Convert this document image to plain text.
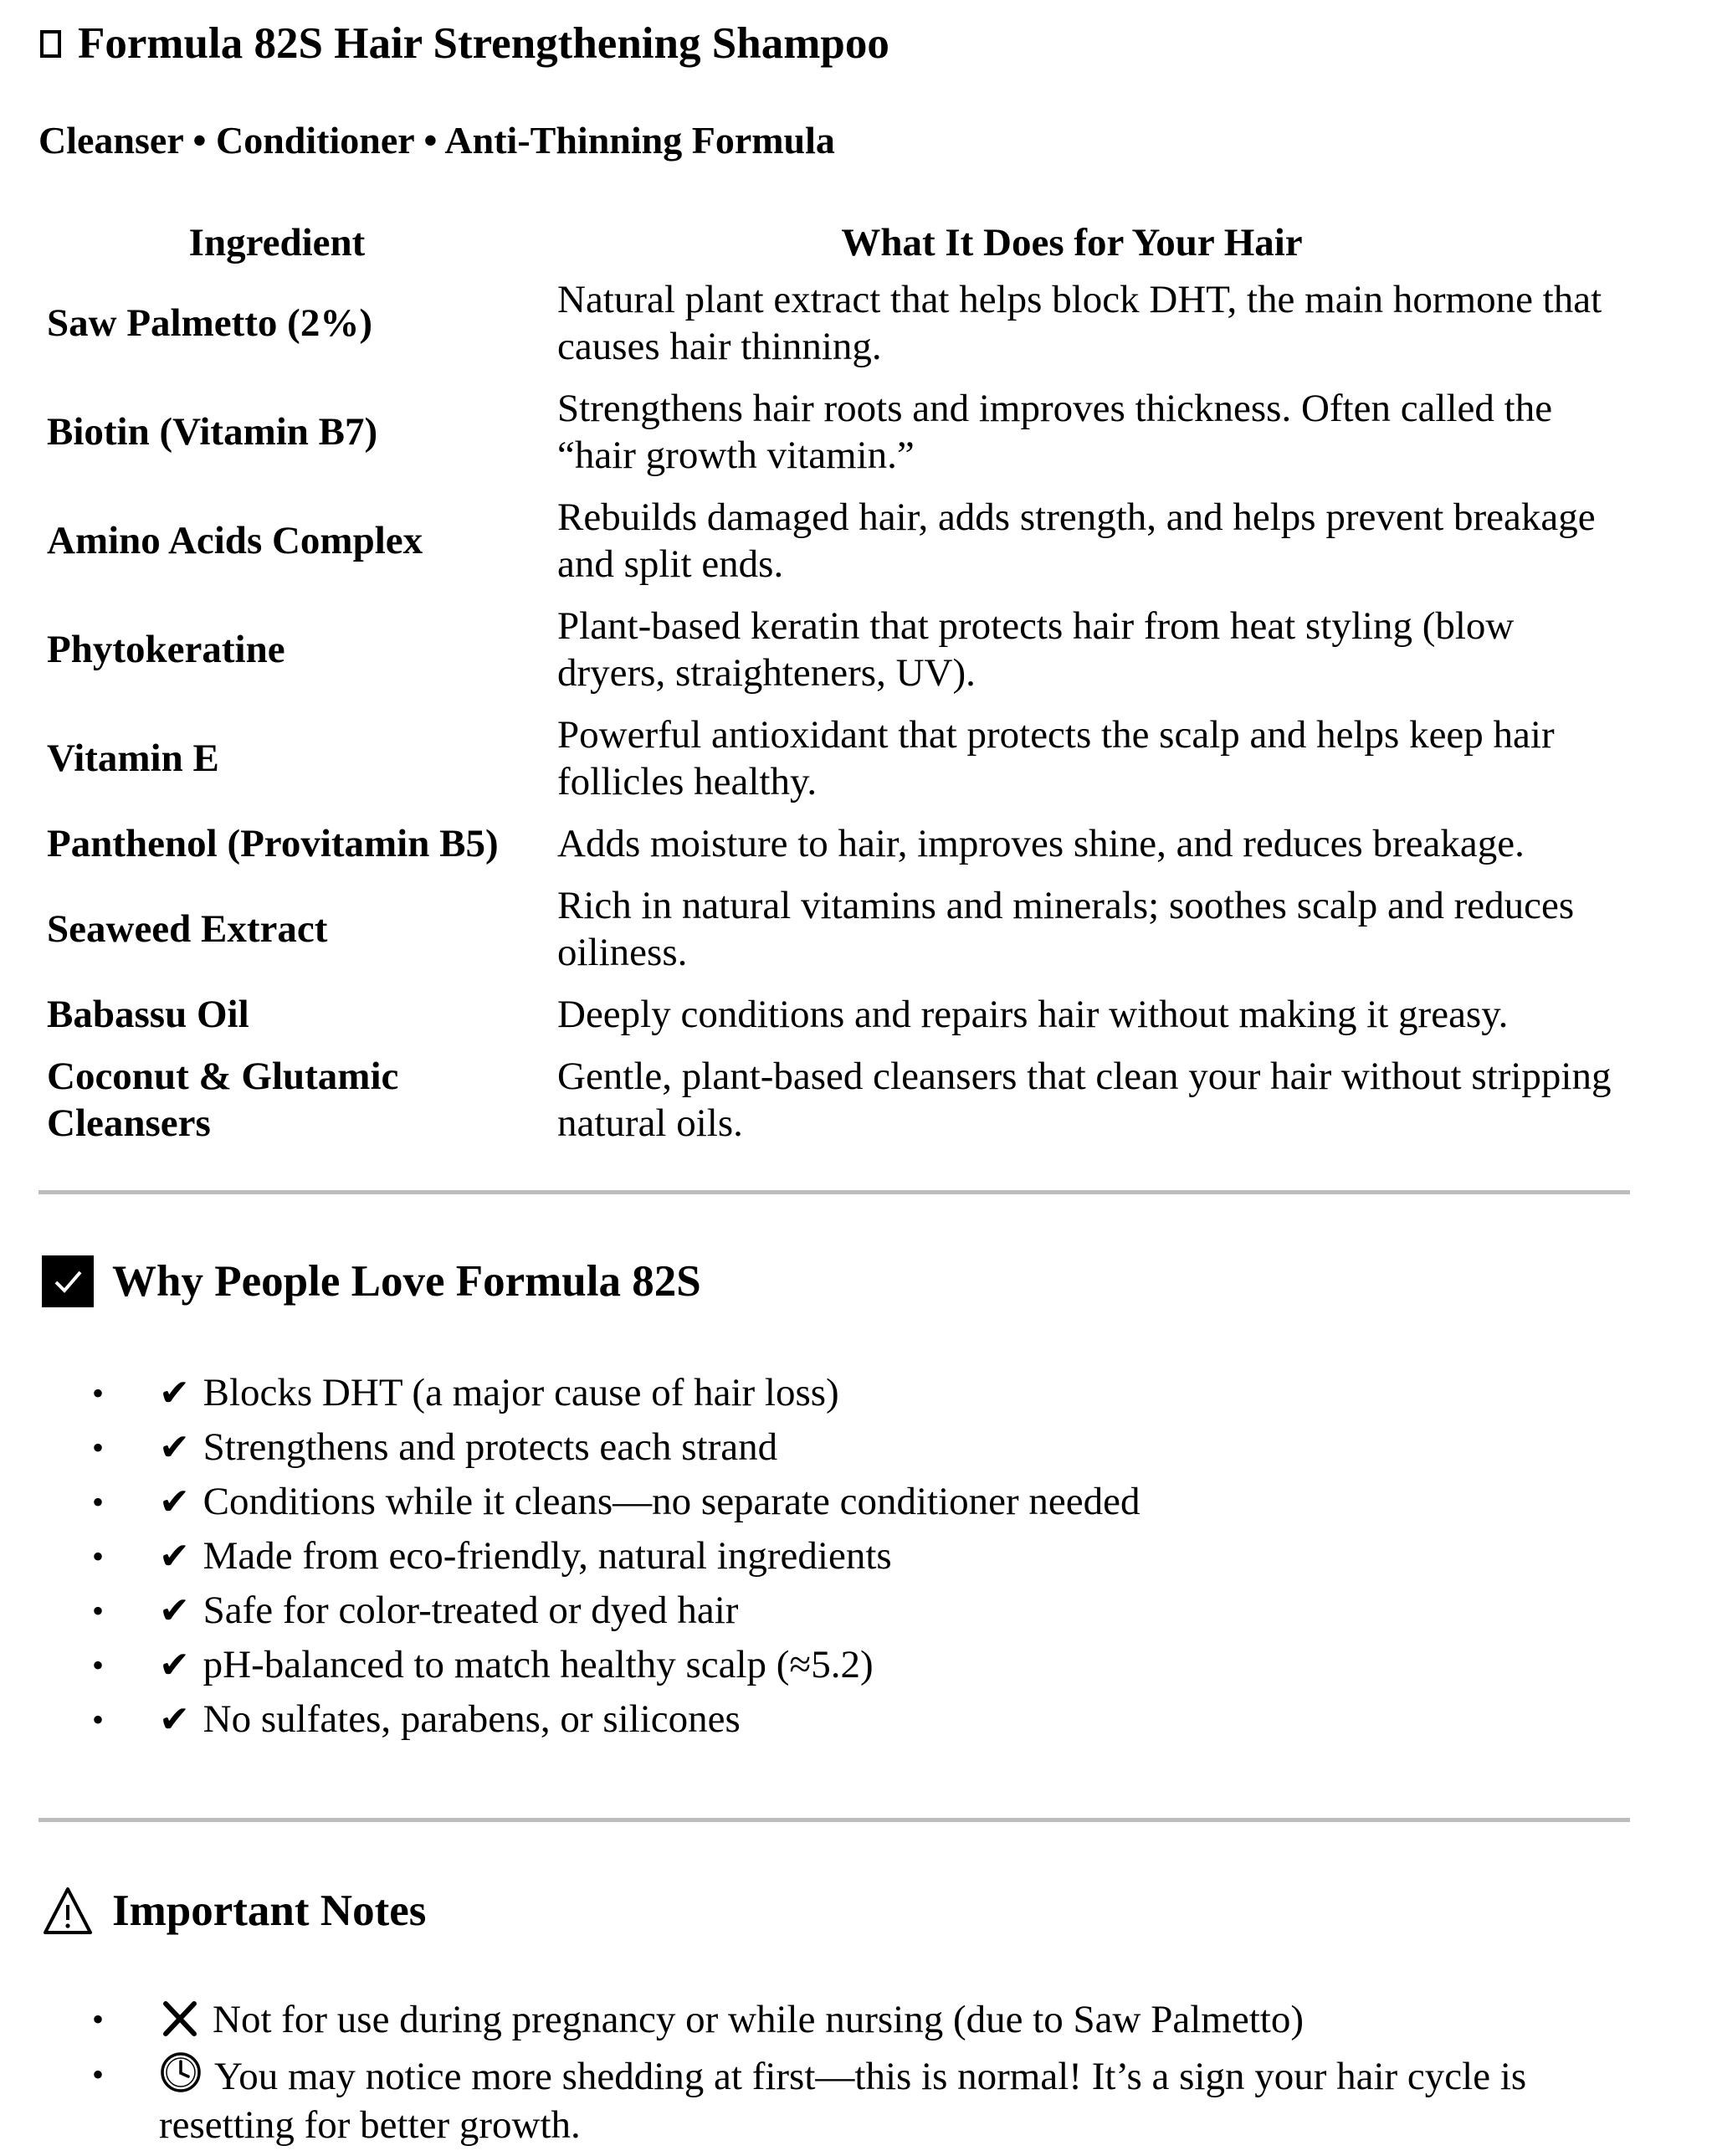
Formula 82S Hair Strengthening Shampoo
Cleanser • Conditioner • Anti-Thinning Formula
Ingredient	What It Does for Your Hair
Saw Palmetto (2%)	Natural plant extract that helps block DHT, the main hormone that causes hair thinning.
Biotin (Vitamin B7)	Strengthens hair roots and improves thickness. Often called the “hair growth vitamin.”
Amino Acids Complex	Rebuilds damaged hair, adds strength, and helps prevent breakage and split ends.
Phytokeratine	Plant-based keratin that protects hair from heat styling (blow dryers, straighteners, UV).
Vitamin E	Powerful antioxidant that protects the scalp and helps keep hair follicles healthy.
Panthenol (Provitamin B5)	Adds moisture to hair, improves shine, and reduces breakage.
Seaweed Extract	Rich in natural vitamins and minerals; soothes scalp and reduces oiliness.
Babassu Oil	Deeply conditions and repairs hair without making it greasy.
Coconut & Glutamic Cleansers	Gentle, plant-based cleansers that clean your hair without stripping natural oils.
Why People Love Formula 82S
• ✔ Blocks DHT (a major cause of hair loss)
• ✔ Strengthens and protects each strand
• ✔ Conditions while it cleans—no separate conditioner needed
• ✔ Made from eco-friendly, natural ingredients
• ✔ Safe for color-treated or dyed hair
• ✔ pH-balanced to match healthy scalp (≈5.2)
• ✔ No sulfates, parabens, or silicones
Important Notes
•	Not for use during pregnancy or while nursing (due to Saw Palmetto)
•	You may notice more shedding at first—this is normal! It’s a sign your hair cycle is resetting for better growth.
